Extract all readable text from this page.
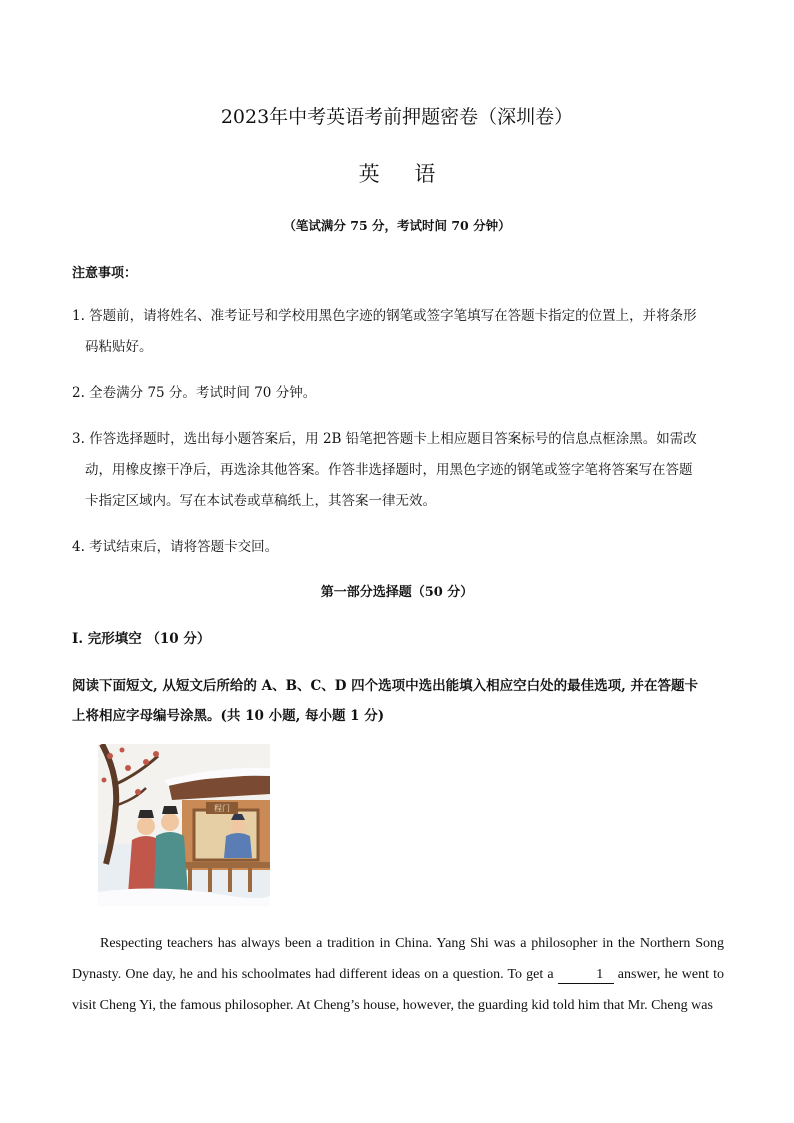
2023年中考英语考前押题密卷（深圳卷）
英 语
（笔试满分 75 分，考试时间 70 分钟）
注意事项：
1. 答题前，请将姓名、准考证号和学校用黑色字迹的钢笔或签字笔填写在答题卡指定的位置上，并将条形
码粘贴好。
2. 全卷满分 75 分。考试时间 70 分钟。
3. 作答选择题时，选出每小题答案后，用 2B 铅笔把答题卡上相应题目答案标号的信息点框涂黑。如需改
动，用橡皮擦干净后，再选涂其他答案。作答非选择题时，用黑色字迹的钢笔或签字笔将答案写在答题
卡指定区域内。写在本试卷或草稿纸上，其答案一律无效。
4. 考试结束后，请将答题卡交回。
第一部分选择题（50 分）
I. 完形填空 （10 分）
阅读下面短文, 从短文后所给的 A、B、C、D 四个选项中选出能填入相应空白处的最佳选项, 并在答题卡
上将相应字母编号涂黑。(共 10 小题, 每小题 1 分)
程门

Respecting teachers has always been a tradition in China. Yang Shi was a philosopher in the Northern Song Dynasty. One day, he and his schoolmates had different ideas on a question. To get a	1 answer, he went to visit Cheng Yi, the famous philosopher. At Cheng’s house, however, the guarding kid told him that Mr. Cheng was
